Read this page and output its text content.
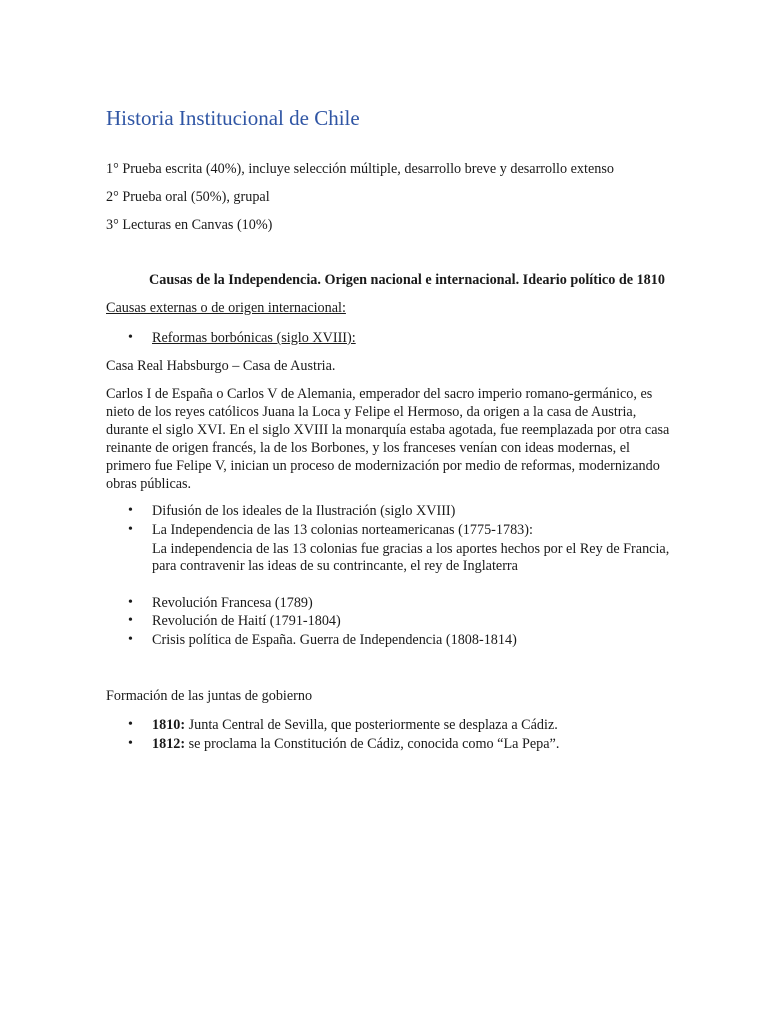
Historia Institucional de Chile

1° Prueba escrita (40%), incluye selección múltiple, desarrollo breve y desarrollo extenso

2° Prueba oral (50%), grupal

3° Lecturas en Canvas (10%)

Causas de la Independencia. Origen nacional e internacional. Ideario político de 1810

Causas externas o de origen internacional:

• Reformas borbónicas (siglo XVIII):

Casa Real Habsburgo – Casa de Austria.

Carlos I de España o Carlos V de Alemania, emperador del sacro imperio romano-germánico, es
nieto de los reyes católicos Juana la Loca y Felipe el Hermoso, da origen a la casa de Austria,
durante el siglo XVI. En el siglo XVIII la monarquía estaba agotada, fue reemplazada por otra casa
reinante de origen francés, la de los Borbones, y los franceses venían con ideas modernas, el
primero fue Felipe V, inician un proceso de modernización por medio de reformas, modernizando
obras públicas.
• Difusión de los ideales de la Ilustración (siglo XVIII)
• La Independencia de las 13 colonias norteamericanas (1775-1783):
La independencia de las 13 colonias fue gracias a los aportes hechos por el Rey de Francia,
para contravenir las ideas de su contrincante, el rey de Inglaterra
• Revolución Francesa (1789)
• Revolución de Haití (1791-1804)
• Crisis política de España. Guerra de Independencia (1808-1814)

Formación de las juntas de gobierno

• 1810: Junta Central de Sevilla, que posteriormente se desplaza a Cádiz.
• 1812: se proclama la Constitución de Cádiz, conocida como “La Pepa”.
